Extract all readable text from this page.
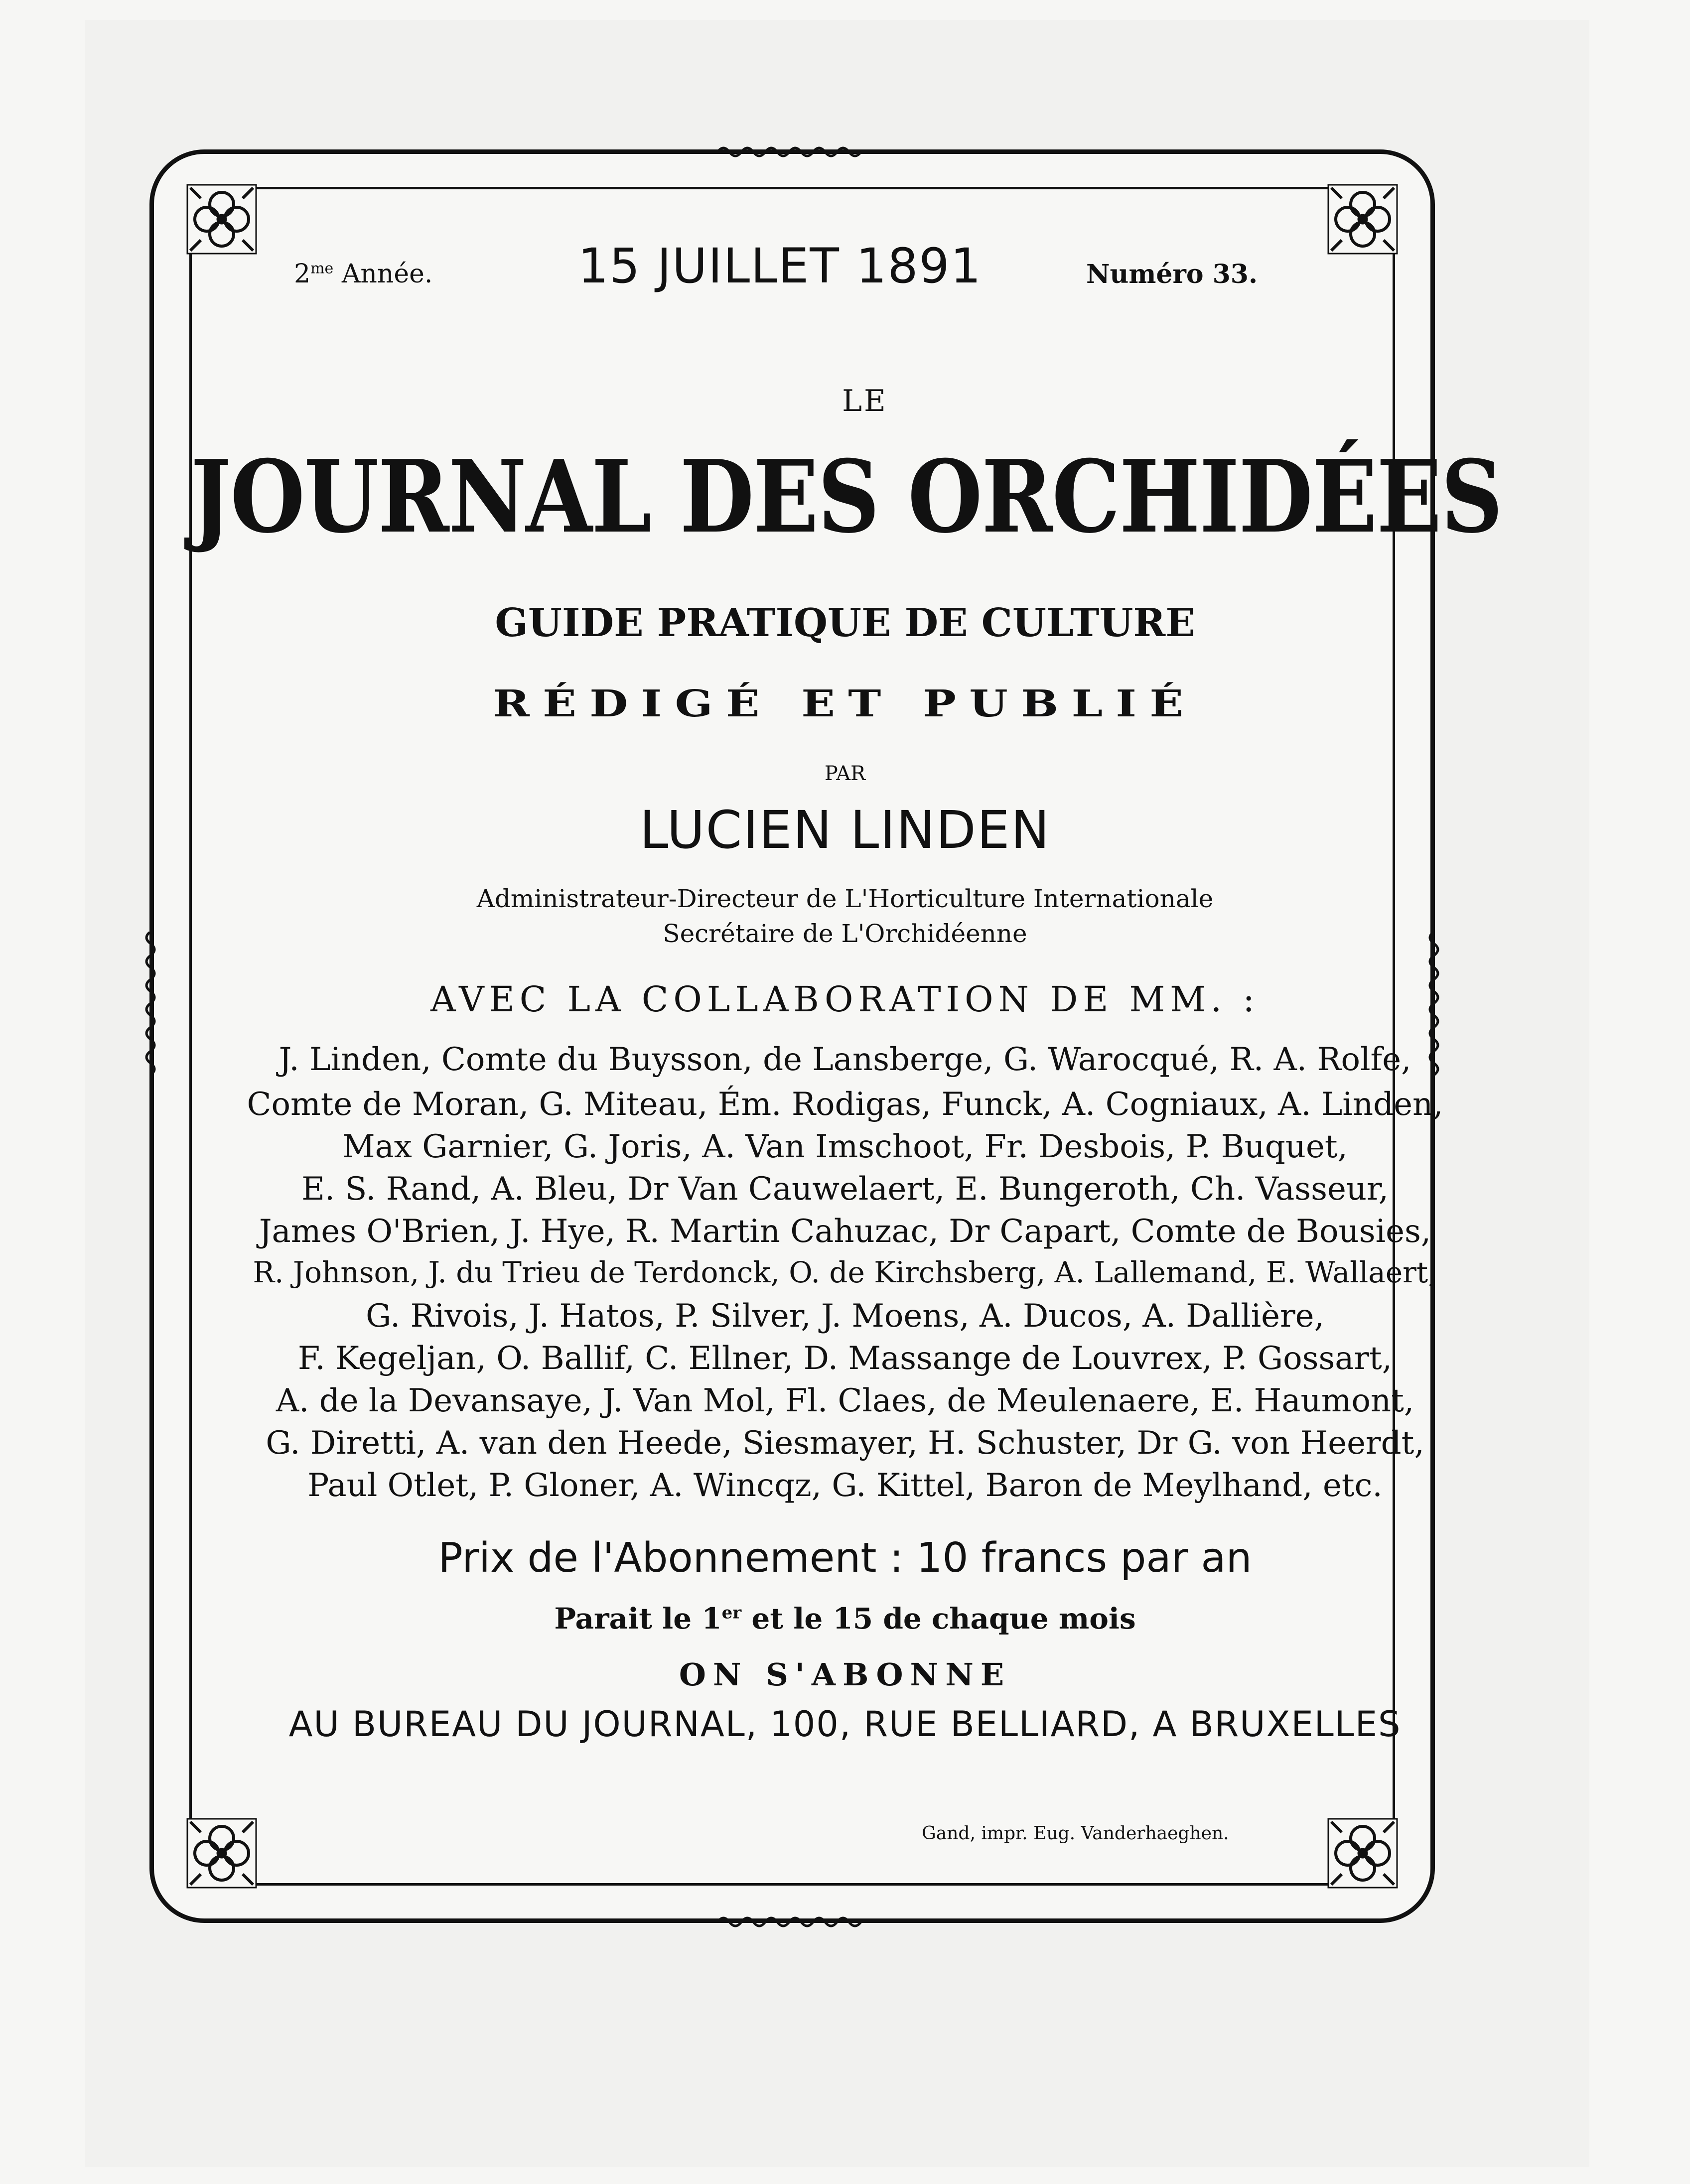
$2^{me}$ Année.	15 JUILLET 1891	Numéro 33.
LE
JOURNAL DES ORCHIDÉES
GUIDE PRATIQUE DE CULTURE
RÉDIGÉ ET PUBLIÉ
PAR
LUCIEN LINDEN
Administrateur-Directeur de L'Horticulture Internationale
Secrétaire de L'Orchidéenne
AVEC LA COLLABORATION DE MM. :
J. Linden, Comte du Buysson, de Lansberge, G. Warocqué, R. A. Rolfe,
Comte de Moran, G. Miteau, Ém. Rodigas, Funck, A. Cogniaux, A. Linden,
Max Garnier, G. Joris, A. Van Imschoot, Fr. Desbois, P. Buquet,
E. S. Rand, A. Bleu, Dr Van Cauwelaert, E. Bungeroth, Ch. Vasseur,
James O'Brien, J. Hye, R. Martin Cahuzac, Dr Capart, Comte de Bousies,
R. Johnson, J. du Trieu de Terdonck, O. de Kirchsberg, A. Lallemand, E. Wallaert,
G. Rivois, J. Hatos, P. Silver, J. Moens, A. Ducos, A. Dallière,
F. Kegeljan, O. Ballif, C. Ellner, D. Massange de Louvrex, P. Gossart,
A. de la Devansaye, J. Van Mol, Fl. Claes, de Meulenaere, E. Haumont,
G. Diretti, A. van den Heede, Siesmayer, H. Schuster, Dr G. von Heerdt,
Paul Otlet, P. Gloner, A. Wincqz, G. Kittel, Baron de Meylhand, etc.
Prix de l'Abonnement : 10 francs par an
Parait le 1er et le 15 de chaque mois
ON S'ABONNE
AU BUREAU DU JOURNAL, 100, RUE BELLIARD, A BRUXELLES
Gand, impr. Eug. Vanderhaeghen.
